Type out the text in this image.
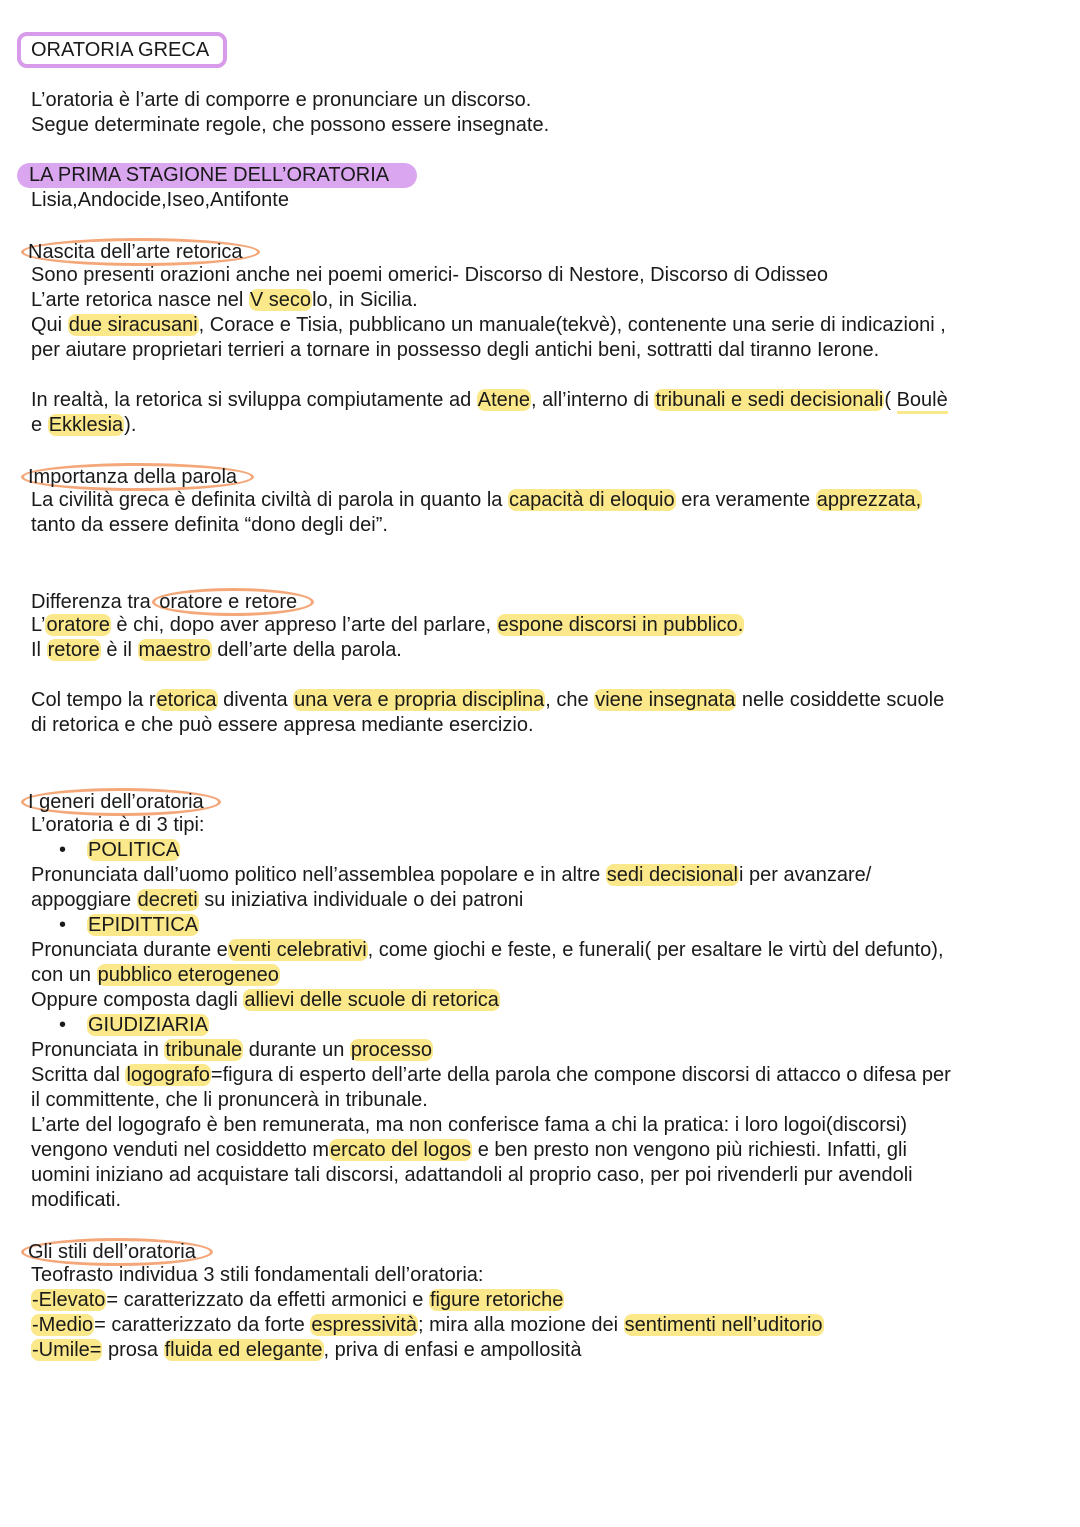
ORATORIA GRECA
L’oratoria è l’arte di comporre e pronunciare un discorso.
Segue determinate regole, che possono essere insegnate.
LA PRIMA STAGIONE DELL’ORATORIA
Lisia,Andocide,Iseo,Antifonte
Nascita dell’arte retorica
Sono presenti orazioni anche nei poemi omerici- Discorso di Nestore, Discorso di Odisseo
L’arte retorica nasce nel V secolo, in Sicilia.
Qui due siracusani, Corace e Tisia, pubblicano un manuale(tekvè), contenente una serie di indicazioni ,
per aiutare proprietari terrieri a tornare in possesso degli antichi beni, sottratti dal tiranno Ierone.
In realtà, la retorica si sviluppa compiutamente ad Atene, all’interno di tribunali e sedi decisionali( Boulè
e Ekklesia).
Importanza della parola
La civilità greca è definita civiltà di parola in quanto la capacità di eloquio era veramente apprezzata,
tanto da essere definita “dono degli dei”.
Differenza tra oratore e retore
L’oratore è chi, dopo aver appreso l’arte del parlare, espone discorsi in pubblico.
Il retore è il maestro dell’arte della parola.
Col tempo la retorica diventa una vera e propria disciplina, che viene insegnata nelle cosiddette scuole
di retorica e che può essere appresa mediante esercizio.
I generi dell’oratoria
L’oratoria è di 3 tipi:
• POLITICA
Pronunciata dall’uomo politico nell’assemblea popolare e in altre sedi decisionali per avanzare/
appoggiare decreti su iniziativa individuale o dei patroni
• EPIDITTICA
Pronunciata durante eventi celebrativi, come giochi e feste, e funerali( per esaltare le virtù del defunto),
con un pubblico eterogeneo
Oppure composta dagli allievi delle scuole di retorica
• GIUDIZIARIA
Pronunciata in tribunale durante un processo
Scritta dal logografo=figura di esperto dell’arte della parola che compone discorsi di attacco o difesa per
il committente, che li pronuncerà in tribunale.
L’arte del logografo è ben remunerata, ma non conferisce fama a chi la pratica: i loro logoi(discorsi)
vengono venduti nel cosiddetto mercato del logos e ben presto non vengono più richiesti. Infatti, gli
uomini iniziano ad acquistare tali discorsi, adattandoli al proprio caso, per poi rivenderli pur avendoli
modificati.
Gli stili dell’oratoria
Teofrasto individua 3 stili fondamentali dell’oratoria:
-Elevato= caratterizzato da effetti armonici e figure retoriche
-Medio= caratterizzato da forte espressività; mira alla mozione dei sentimenti nell’uditorio
-Umile= prosa fluida ed elegante, priva di enfasi e ampollosità
